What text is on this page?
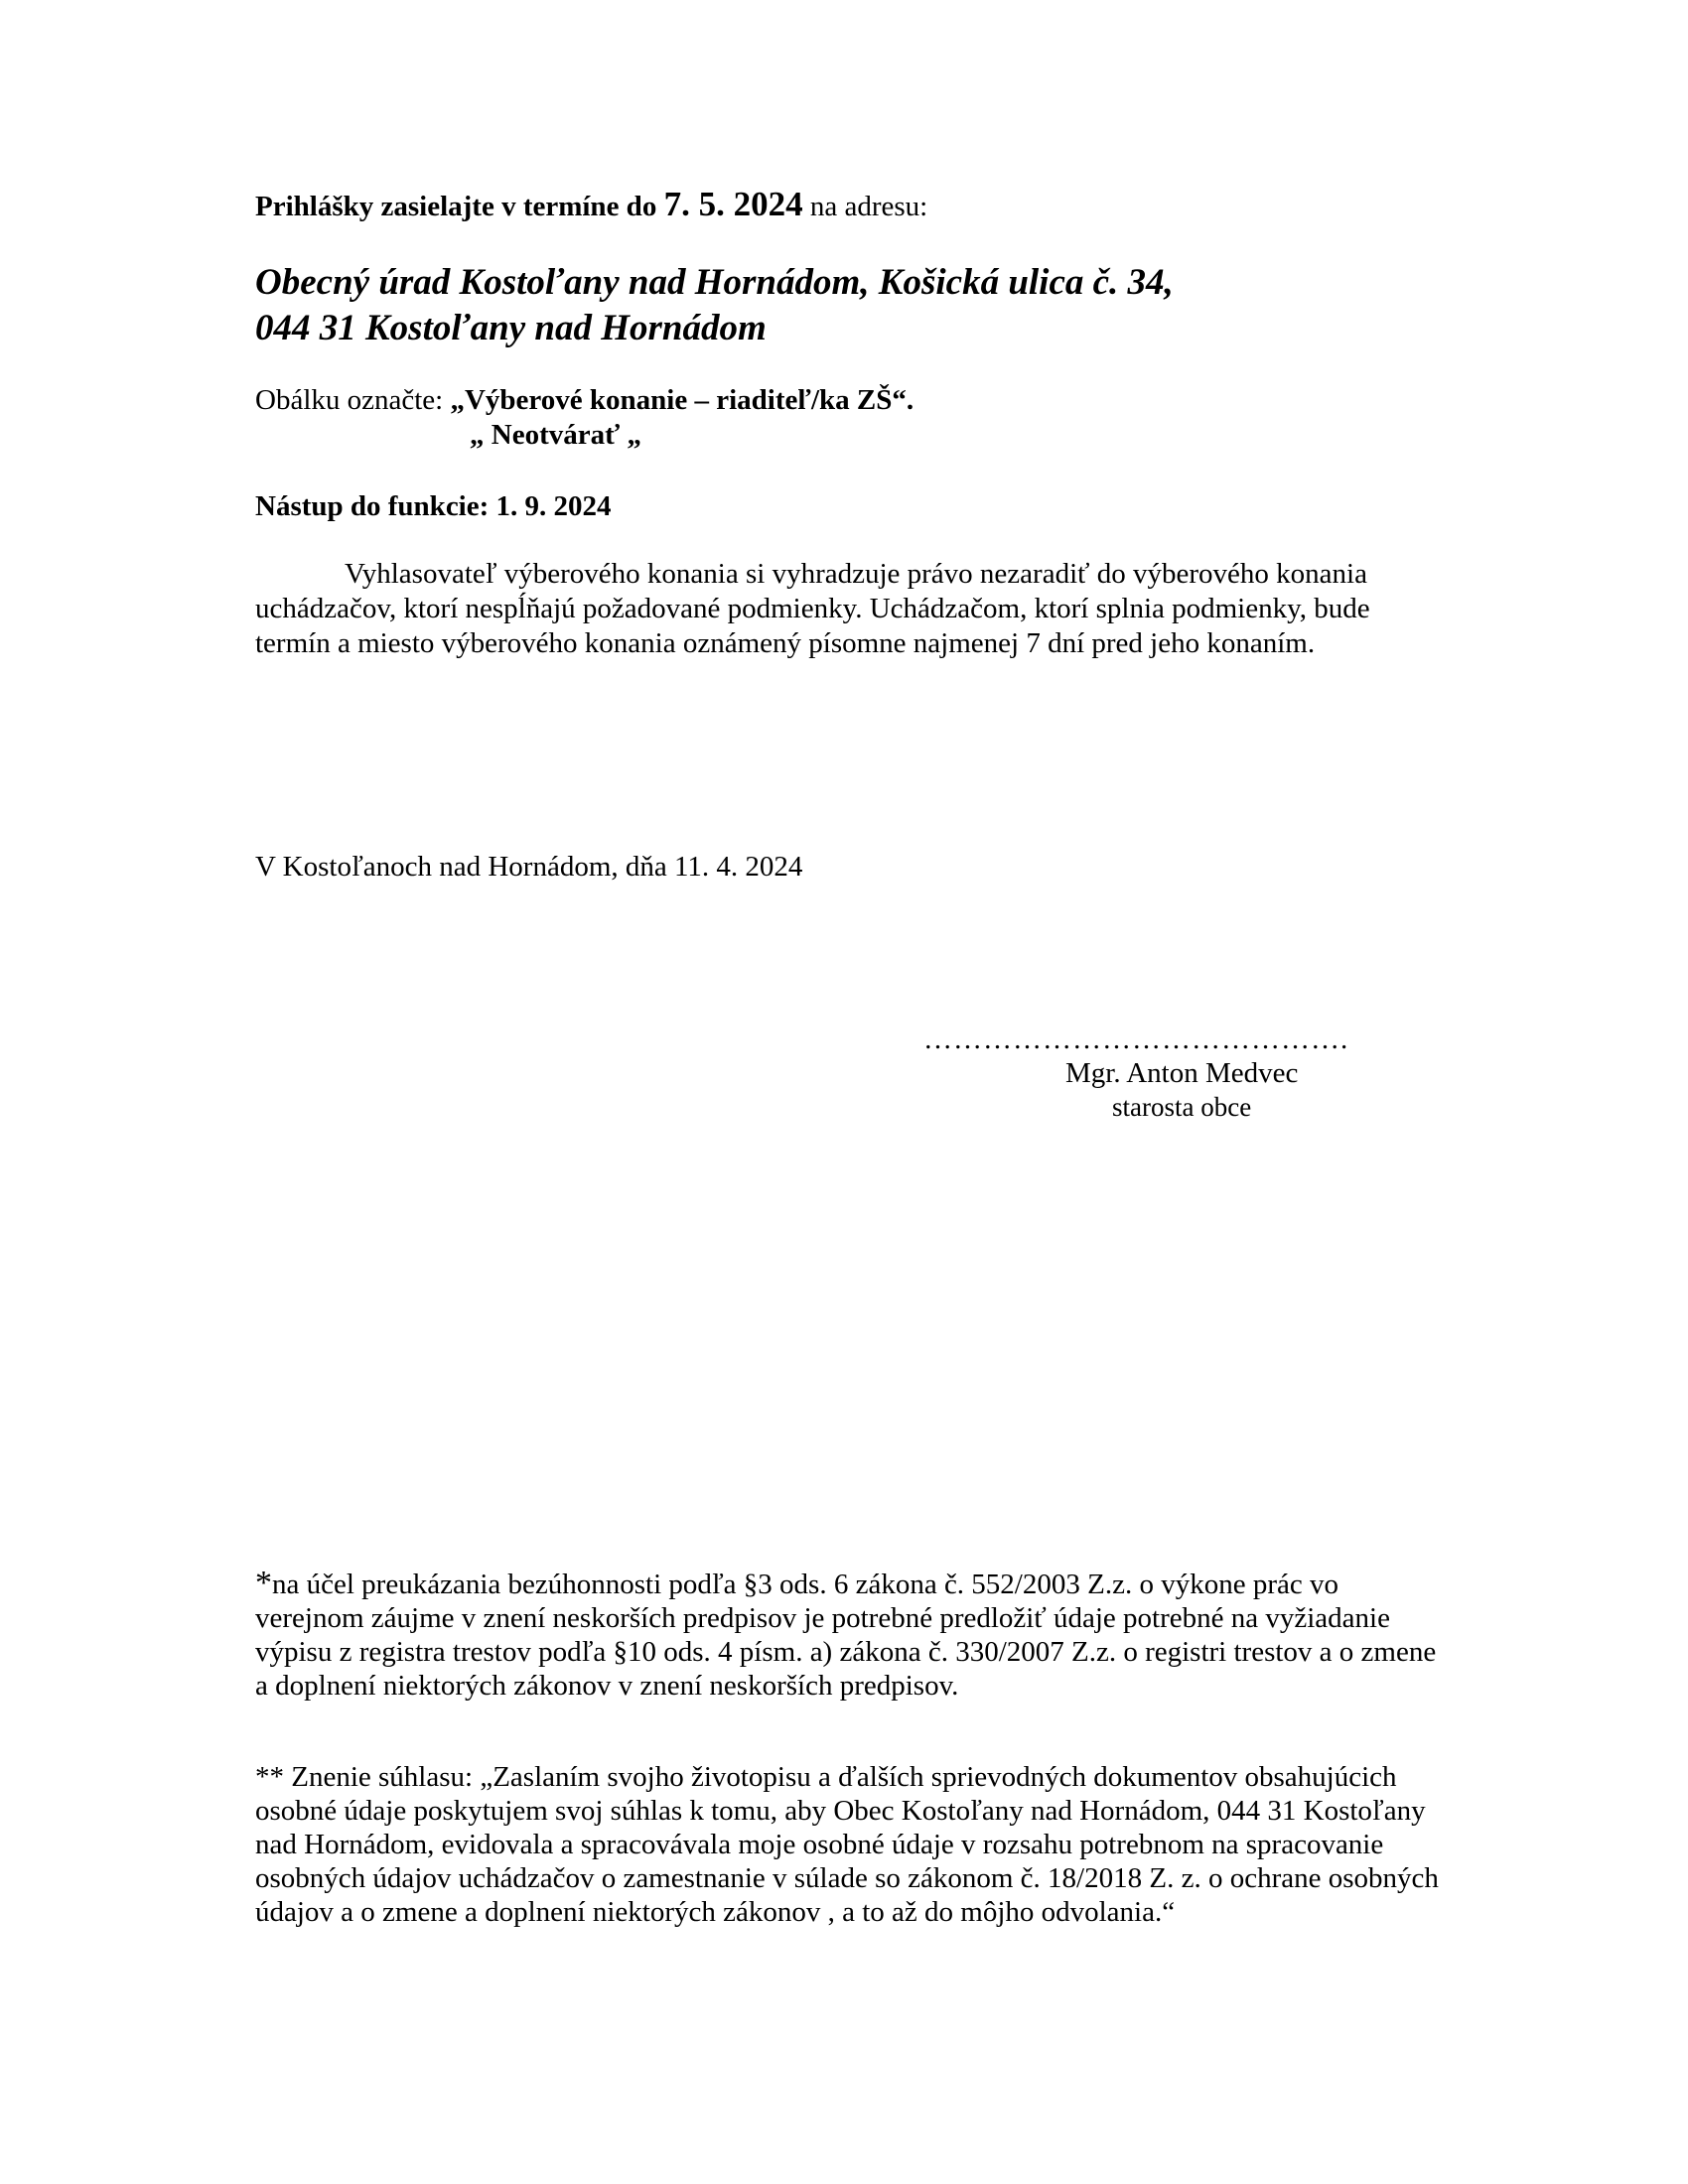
Prihlášky zasielajte v termíne do 7. 5. 2024 na adresu:
Obecný úrad Kostoľany nad Hornádom, Košická ulica č. 34,
044 31 Kostoľany nad Hornádom
Obálku označte: „Výberové konanie – riaditeľ/ka ZŠ“.
„ Neotvárať „
Nástup do funkcie: 1. 9. 2024

Vyhlasovateľ výberového konania si vyhradzuje právo nezaradiť do výberového konania uchádzačov, ktorí nespĺňajú požadované podmienky. Uchádzačom, ktorí splnia podmienky, bude termín a miesto výberového konania oznámený písomne najmenej 7 dní pred jeho konaním.

V Kostoľanoch nad Hornádom, dňa 11. 4. 2024
…………………………………….
Mgr. Anton Medvec
starosta obce

*na účel preukázania bezúhonnosti podľa §3 ods. 6 zákona č. 552/2003 Z.z. o výkone prác vo verejnom záujme v znení neskorších predpisov je potrebné predložiť údaje potrebné na vyžiadanie výpisu z registra trestov podľa §10 ods. 4 písm. a) zákona č. 330/2007 Z.z. o registri trestov a o zmene a doplnení niektorých zákonov v znení neskorších predpisov.

** Znenie súhlasu: „Zaslaním svojho životopisu a ďalších sprievodných dokumentov obsahujúcich osobné údaje poskytujem svoj súhlas k tomu, aby Obec Kostoľany nad Hornádom, 044 31 Kostoľany nad Hornádom, evidovala a spracovávala moje osobné údaje v rozsahu potrebnom na spracovanie osobných údajov uchádzačov o zamestnanie v súlade so zákonom č. 18/2018 Z. z. o ochrane osobných údajov a o zmene a doplnení niektorých zákonov , a to až do môjho odvolania.“
